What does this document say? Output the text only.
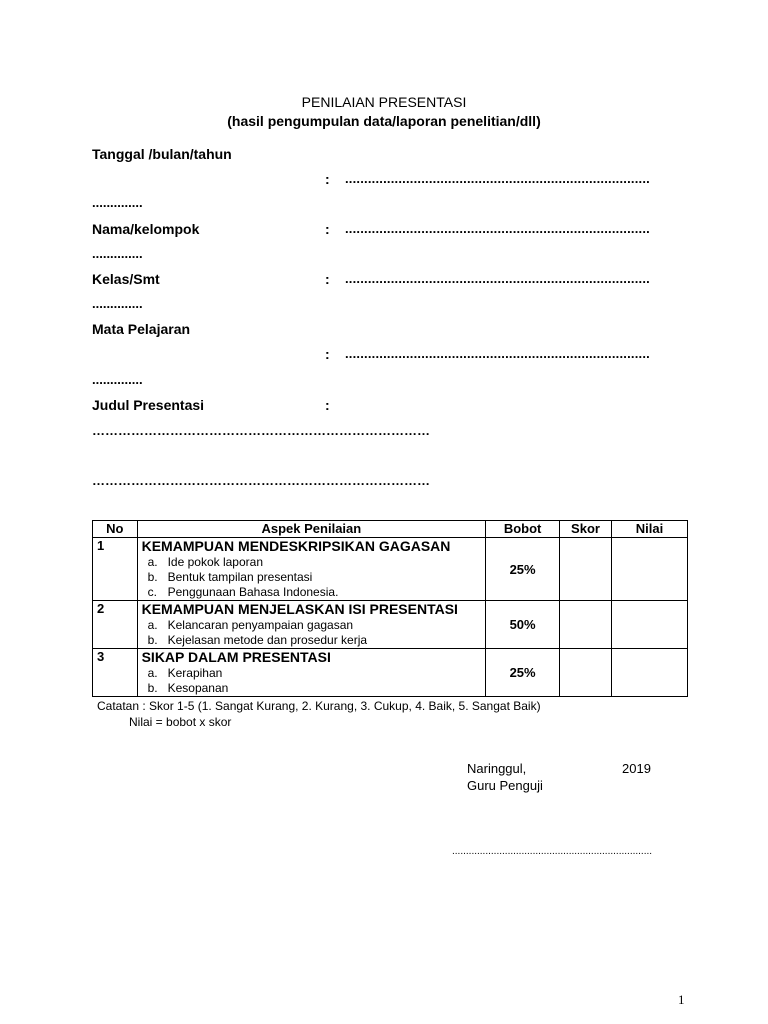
PENILAIAN PRESENTASI
(hasil pengumpulan data/laporan penelitian/dll)
Tanggal /bulan/tahun
: ................................................................................
..............
Nama/kelompok	: ................................................................................
..............
Kelas/Smt	: ................................................................................
..............
Mata Pelajaran
: ................................................................................
..............
Judul Presentasi	:
……………………………………………………………………
……………………………………………………………………
No	Aspek Penilaian	Bobot	Skor	Nilai
1	KEMAMPUAN MENDESKRIPSIKAN GAGASAN
a. Ide pokok laporan
b. Bentuk tampilan presentasi
c. Penggunaan Bahasa Indonesia.	25%		
2	KEMAMPUAN MENJELASKAN ISI PRESENTASI
a. Kelancaran penyampaian gagasan
b. Kejelasan metode dan prosedur kerja	50%		
3	SIKAP DALAM PRESENTASI
a. Kerapihan
b. Kesopanan	25%		
Catatan : Skor 1-5 (1. Sangat Kurang, 2. Kurang, 3. Cukup, 4. Baik, 5. Sangat Baik)
Nilai = bobot x skor
Naringgul,	2019
Guru Penguji
........................................................................
1
